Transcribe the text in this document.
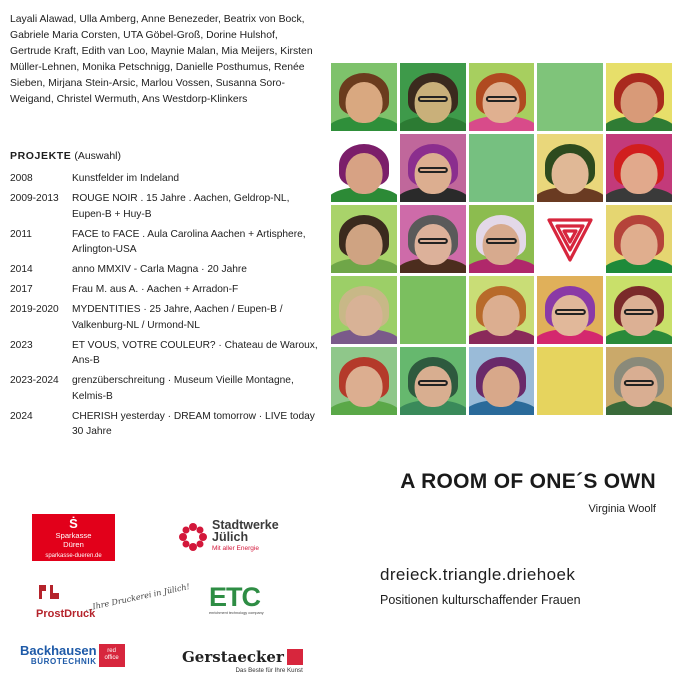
Layali Alawad, Ulla Amberg, Anne Benezeder, Beatrix von Bock, Gabriele Maria Corsten, UTA Göbel-Groß, Dorine Hulshof, Gertrude Kraft, Edith van Loo, Maynie Malan, Mia Meijers, Kirsten Müller-Lehnen, Monika Petschnigg, Danielle Posthumus, Renée Sieben, Mirjana Stein-Arsic, Marlou Vossen, Susanna Soro-Weigand, Christel Wermuth, Ans Westdorp-Klinkers
PROJEKTE (Auswahl)
2008	Kunstfelder im Indeland
2009-2013	ROUGE NOIR . 15 Jahre . Aachen, Geldrop-NL, Eupen-B + Huy-B
2011	FACE to FACE . Aula Carolina Aachen + Artisphere, Arlington-USA
2014	anno MMXIV - Carla Magna · 20 Jahre
2017	Frau M. aus A. · Aachen + Arradon-F
2019-2020	MYDENTITIES · 25 Jahre, Aachen / Eupen-B / Valkenburg-NL / Urmond-NL
2023	ET VOUS, VOTRE COULEUR? · Chateau de Waroux, Ans-B
2023-2024	grenzüberschreitung · Museum Vieille Montagne, Kelmis-B
2024	CHERISH yesterday · DREAM tomorrow · LIVE today 30 Jahre
A ROOM OF ONE´S OWN
Virginia Woolf
dreieck.triangle.driehoek
Positionen kulturschaffender Frauen
Ṡ
Sparkasse
Düren
sparkasse-dueren.de
Stadtwerke
Jülich
Mit aller Energie
ProstDruck
...Ihre Druckerei in Jülich! ETC
enrichment technology company
Backhausen
BÜROTECHNIK
red
office	Gerstaecker
Das Beste für Ihre Kunst
